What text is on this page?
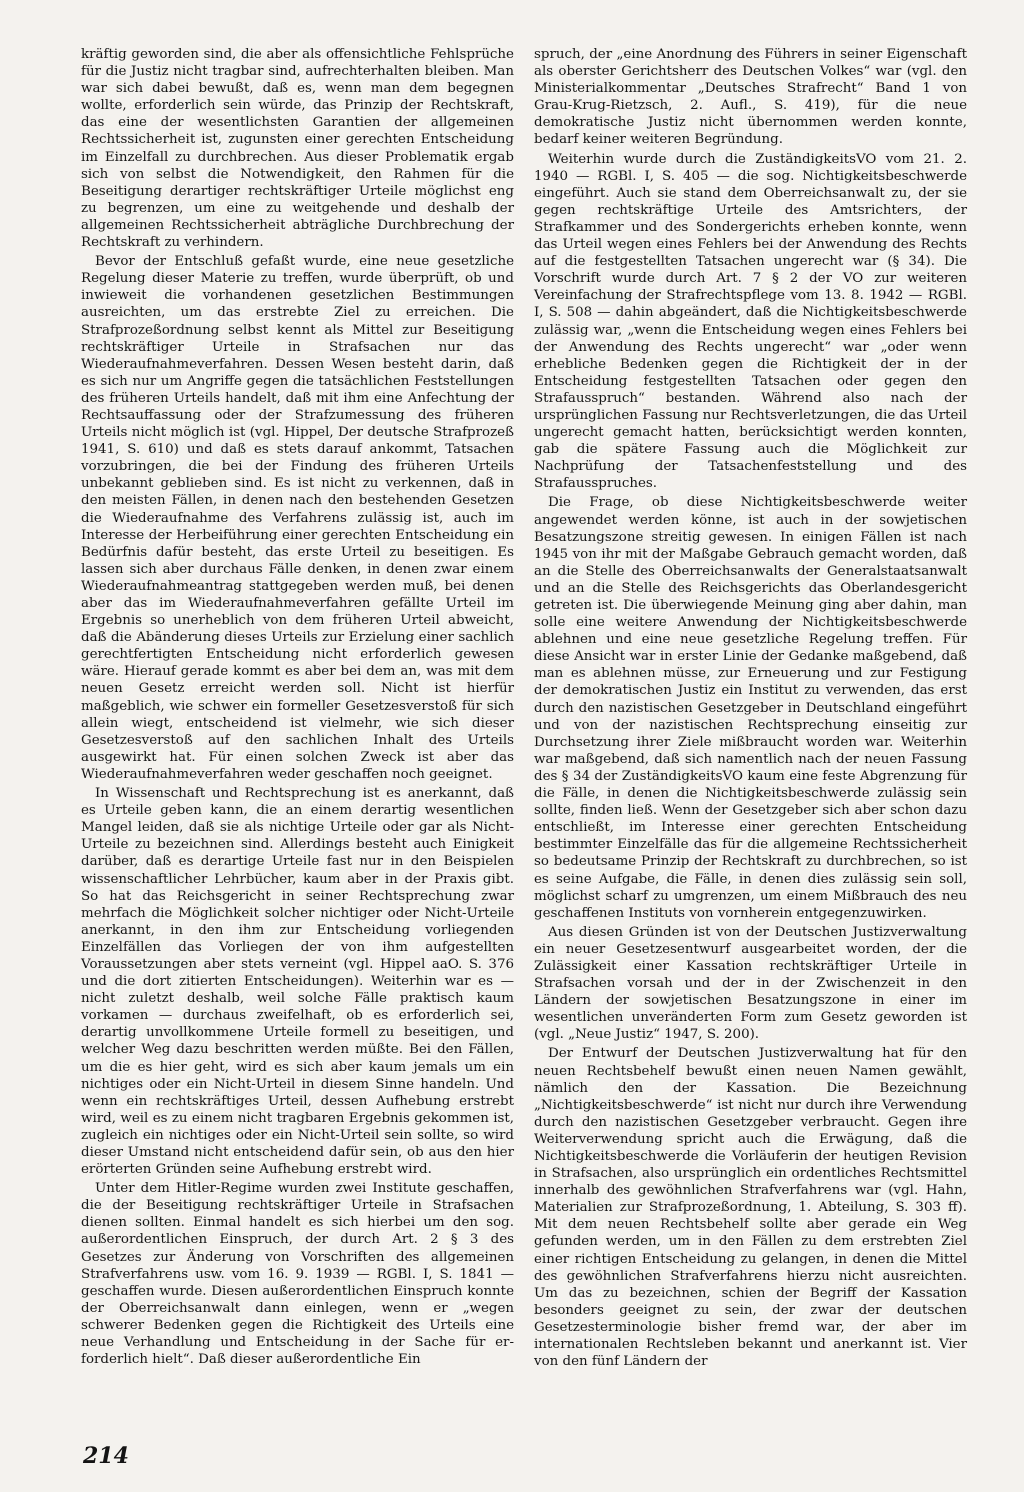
kräftig geworden sind, die aber als offensichtliche Fehlsprüche für die Justiz nicht tragbar sind, aufrechterhalten bleiben. Man war sich dabei bewußt, daß es, wenn man dem begegnen wollte, erforderlich sein würde, das Prinzip der Rechtskraft, das eine der wesentlichsten Garantien der allgemeinen Rechtssicherheit ist, zugunsten einer gerechten Entscheidung im Einzelfall zu durchbrechen. Aus dieser Problematik ergab sich von selbst die Notwendigkeit, den Rahmen für die Beseitigung derartiger rechtskräftiger Urteile möglichst eng zu begrenzen, um eine zu weitgehende und deshalb der allgemeinen Rechtssicherheit abträgliche Durchbrechung der Rechtskraft zu verhindern.

Bevor der Entschluß gefaßt wurde, eine neue gesetzliche Regelung dieser Materie zu treffen, wurde überprüft, ob und inwieweit die vorhandenen gesetzlichen Bestimmungen ausreichten, um das erstrebte Ziel zu erreichen. Die Strafprozeßordnung selbst kennt als Mittel zur Beseitigung rechtskräftiger Urteile in Strafsachen nur das Wiederaufnahmeverfahren. Dessen Wesen besteht darin, daß es sich nur um Angriffe gegen die tatsächlichen Feststellungen des früheren Urteils handelt, daß mit ihm eine Anfechtung der Rechtsauffassung oder der Strafzumessung des früheren Urteils nicht möglich ist (vgl. Hippel, Der deutsche Strafprozeß 1941, S. 610) und daß es stets darauf ankommt, Tatsachen vorzubringen, die bei der Findung des früheren Urteils unbekannt geblieben sind. Es ist nicht zu verkennen, daß in den meisten Fällen, in denen nach den bestehenden Gesetzen die Wiederaufnahme des Verfahrens zulässig ist, auch im Interesse der Herbeiführung einer gerechten Entscheidung ein Bedürfnis dafür besteht, das erste Urteil zu beseitigen. Es lassen sich aber durchaus Fälle denken, in denen zwar einem Wiederaufnahmeantrag stattgegeben werden muß, bei denen aber das im Wiederaufnahmeverfahren gefällte Urteil im Ergebnis so unerheblich von dem früheren Urteil abweicht, daß die Abänderung dieses Urteils zur Erzielung einer sachlich gerechtfertigten Entscheidung nicht erforderlich gewesen wäre. Hierauf gerade kommt es aber bei dem an, was mit dem neuen Gesetz erreicht werden soll. Nicht ist hierfür maßgeblich, wie schwer ein formeller Gesetzesverstoß für sich allein wiegt, entscheidend ist vielmehr, wie sich dieser Gesetzesverstoß auf den sachlichen Inhalt des Urteils ausgewirkt hat. Für einen solchen Zweck ist aber das Wiederaufnahmeverfahren weder geschaffen noch geeignet.

In Wissenschaft und Rechtsprechung ist es anerkannt, daß es Urteile geben kann, die an einem derartig wesentlichen Mangel leiden, daß sie als nichtige Urteile oder gar als Nicht-Urteile zu bezeichnen sind. Allerdings besteht auch Einigkeit darüber, daß es derartige Urteile fast nur in den Beispielen wissenschaftlicher Lehrbücher, kaum aber in der Praxis gibt. So hat das Reichsgericht in seiner Rechtsprechung zwar mehrfach die Möglichkeit solcher nichtiger oder Nicht-Urteile anerkannt, in den ihm zur Entscheidung vorliegenden Einzelfällen das Vorliegen der von ihm aufgestellten Voraussetzungen aber stets verneint (vgl. Hippel aaO. S. 376 und die dort zitierten Entscheidungen). Weiterhin war es — nicht zuletzt deshalb, weil solche Fälle praktisch kaum vorkamen — durchaus zweifelhaft, ob es erforderlich sei, derartig unvollkommene Urteile formell zu beseitigen, und welcher Weg dazu beschritten werden müßte. Bei den Fällen, um die es hier geht, wird es sich aber kaum jemals um ein nichtiges oder ein Nicht-Urteil in diesem Sinne handeln. Und wenn ein rechtskräftiges Urteil, dessen Aufhebung erstrebt wird, weil es zu einem nicht tragbaren Ergebnis gekommen ist, zugleich ein nichtiges oder ein Nicht-Urteil sein sollte, so wird dieser Umstand nicht entscheidend dafür sein, ob aus den hier erörterten Gründen seine Aufhebung erstrebt wird.

Unter dem Hitler-Regime wurden zwei Institute geschaffen, die der Beseitigung rechtskräftiger Urteile in Strafsachen dienen sollten. Einmal handelt es sich hierbei um den sog. außerordentlichen Einspruch, der durch Art. 2 § 3 des Gesetzes zur Änderung von Vorschriften des allgemeinen Strafverfahrens usw. vom 16. 9. 1939 — RGBl. I, S. 1841 — geschaffen wurde. Diesen außerordentlichen Einspruch konnte der Oberreichsanwalt dann einlegen, wenn er „wegen schwerer Bedenken gegen die Richtigkeit des Urteils eine neue Verhandlung und Entscheidung in der Sache für erforderlich hielt“. Daß dieser außerordentliche Ein

spruch, der „eine Anordnung des Führers in seiner Eigenschaft als oberster Gerichtsherr des Deutschen Volkes“ war (vgl. den Ministerialkommentar „Deutsches Strafrecht“ Band 1 von Grau-Krug-Rietzsch, 2. Aufl., S. 419), für die neue demokratische Justiz nicht übernommen werden konnte, bedarf keiner weiteren Begründung.

Weiterhin wurde durch die ZuständigkeitsVO vom 21. 2. 1940 — RGBl. I, S. 405 — die sog. Nichtigkeitsbeschwerde eingeführt. Auch sie stand dem Oberreichsanwalt zu, der sie gegen rechtskräftige Urteile des Amtsrichters, der Strafkammer und des Sondergerichts erheben konnte, wenn das Urteil wegen eines Fehlers bei der Anwendung des Rechts auf die festgestellten Tatsachen ungerecht war (§ 34). Die Vorschrift wurde durch Art. 7 § 2 der VO zur weiteren Vereinfachung der Strafrechtspflege vom 13. 8. 1942 — RGBl. I, S. 508 — dahin abgeändert, daß die Nichtigkeitsbeschwerde zulässig war, „wenn die Entscheidung wegen eines Fehlers bei der Anwendung des Rechts ungerecht“ war „oder wenn erhebliche Bedenken gegen die Richtigkeit der in der Entscheidung festgestellten Tatsachen oder gegen den Strafausspruch“ bestanden. Während also nach der ursprünglichen Fassung nur Rechtsverletzungen, die das Urteil ungerecht gemacht hatten, berücksichtigt werden konnten, gab die spätere Fassung auch die Möglichkeit zur Nachprüfung der Tatsachenfeststellung und des Strafausspruches.

Die Frage, ob diese Nichtigkeitsbeschwerde weiter angewendet werden könne, ist auch in der sowjetischen Besatzungszone streitig gewesen. In einigen Fällen ist nach 1945 von ihr mit der Maßgabe Gebrauch gemacht worden, daß an die Stelle des Oberreichsanwalts der Generalstaatsanwalt und an die Stelle des Reichsgerichts das Oberlandesgericht getreten ist. Die überwiegende Meinung ging aber dahin, man solle eine weitere Anwendung der Nichtigkeitsbeschwerde ablehnen und eine neue gesetzliche Regelung treffen. Für diese Ansicht war in erster Linie der Gedanke maßgebend, daß man es ablehnen müsse, zur Erneuerung und zur Festigung der demokratischen Justiz ein Institut zu verwenden, das erst durch den nazistischen Gesetzgeber in Deutschland eingeführt und von der nazistischen Rechtsprechung einseitig zur Durchsetzung ihrer Ziele mißbraucht worden war. Weiterhin war maßgebend, daß sich namentlich nach der neuen Fassung des § 34 der ZuständigkeitsVO kaum eine feste Abgrenzung für die Fälle, in denen die Nichtigkeitsbeschwerde zulässig sein sollte, finden ließ. Wenn der Gesetzgeber sich aber schon dazu entschließt, im Interesse einer gerechten Entscheidung bestimmter Einzelfälle das für die allgemeine Rechtssicherheit so bedeutsame Prinzip der Rechtskraft zu durchbrechen, so ist es seine Aufgabe, die Fälle, in denen dies zulässig sein soll, möglichst scharf zu umgrenzen, um einem Mißbrauch des neu geschaffenen Instituts von vornherein entgegenzuwirken.

Aus diesen Gründen ist von der Deutschen Justizverwaltung ein neuer Gesetzesentwurf ausgearbeitet worden, der die Zulässigkeit einer Kassation rechtskräftiger Urteile in Strafsachen vorsah und der in der Zwischenzeit in den Ländern der sowjetischen Besatzungszone in einer im wesentlichen unveränderten Form zum Gesetz geworden ist (vgl. „Neue Justiz“ 1947, S. 200).

Der Entwurf der Deutschen Justizverwaltung hat für den neuen Rechtsbehelf bewußt einen neuen Namen gewählt, nämlich den der Kassation. Die Bezeichnung „Nichtigkeitsbeschwerde“ ist nicht nur durch ihre Verwendung durch den nazistischen Gesetzgeber verbraucht. Gegen ihre Weiterverwendung spricht auch die Erwägung, daß die Nichtigkeitsbeschwerde die Vorläuferin der heutigen Revision in Strafsachen, also ursprünglich ein ordentliches Rechtsmittel innerhalb des gewöhnlichen Strafverfahrens war (vgl. Hahn, Materialien zur Strafprozeßordnung, 1. Abteilung, S. 303 ff). Mit dem neuen Rechtsbehelf sollte aber gerade ein Weg gefunden werden, um in den Fällen zu dem erstrebten Ziel einer richtigen Entscheidung zu gelangen, in denen die Mittel des gewöhnlichen Strafverfahrens hierzu nicht ausreichten. Um das zu bezeichnen, schien der Begriff der Kassation besonders geeignet zu sein, der zwar der deutschen Gesetzesterminologie bisher fremd war, der aber im internationalen Rechtsleben bekannt und anerkannt ist. Vier von den fünf Ländern der

214
